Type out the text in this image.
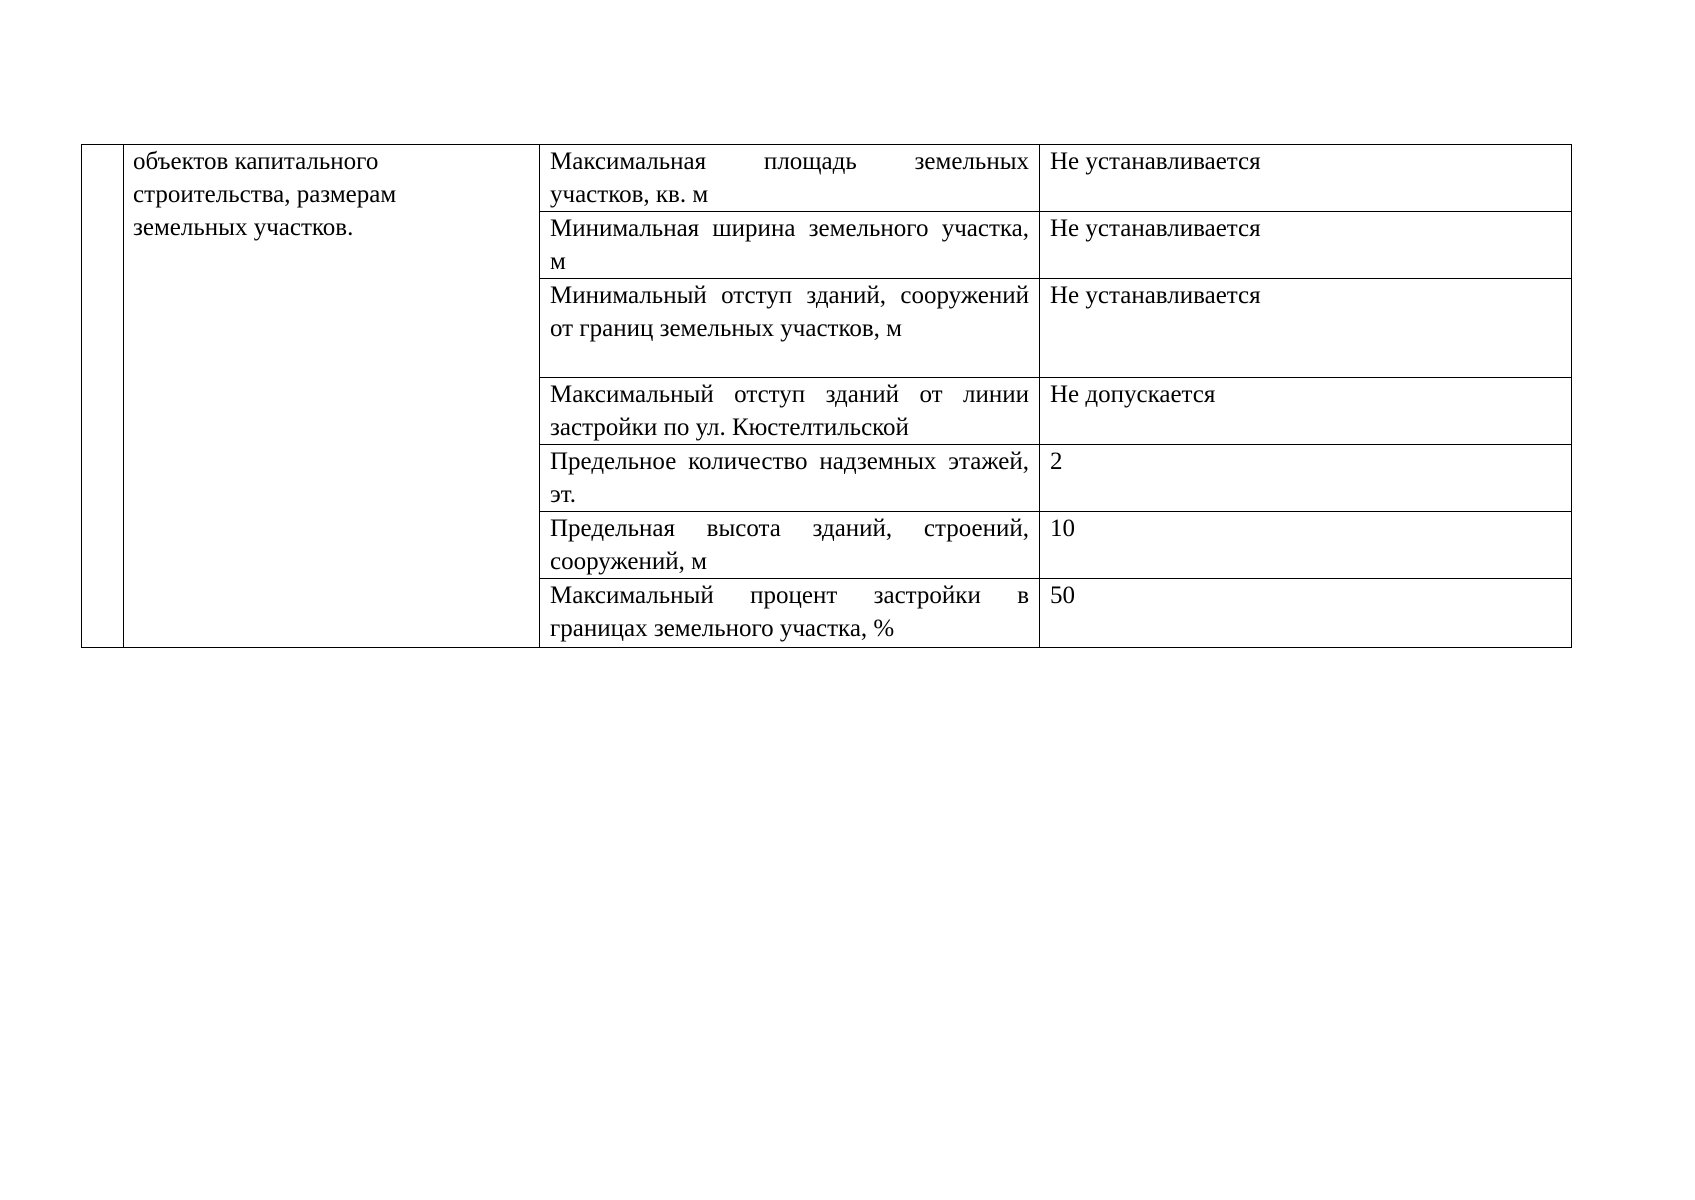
	объектов капитального
строительства, размерам
земельных участков.	Максимальная площадь земельных участков, кв. м	Не устанавливается
		Минимальная ширина земельного участка, м	Не устанавливается
		Минимальный отступ зданий, сооружений от границ земельных участков, м	Не устанавливается
		Максимальный отступ зданий от линии застройки по ул. Кюстелтильской	Не допускается
		Предельное количество надземных этажей, эт.	2
		Предельная высота зданий, строений, сооружений, м	10
		Максимальный процент застройки в границах земельного участка, %	50
